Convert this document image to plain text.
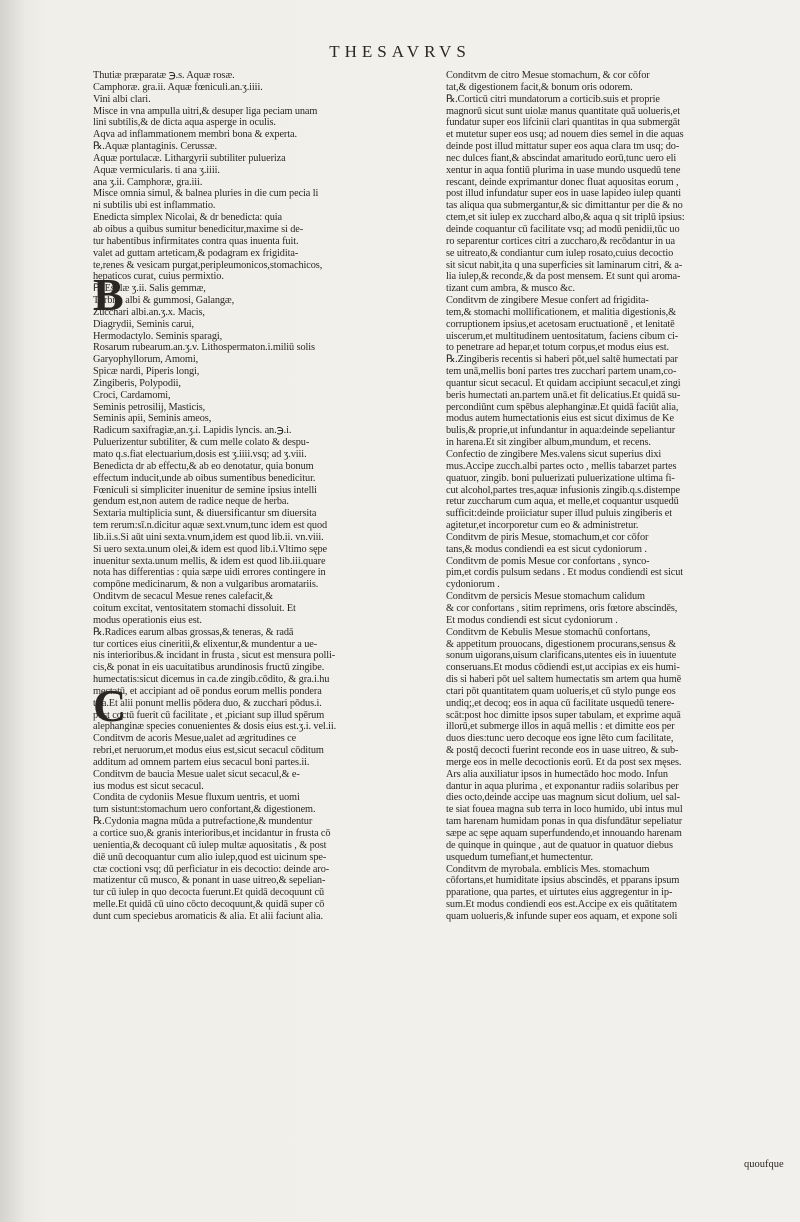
THESAVRVS
Thutiæ præparatæ ℈.s. Aquæ rosæ.
Camphoræ. gra.ii. Aquæ fœniculi.an.ʒ.iiii.
Vini albi clari.
Misce in vna ampulla uitri,& desuper liga peciam unam
lini subtilis,& de dicta aqua asperge in oculis.
Aqva ad inflammationem membri bona & experta.
℞.Aquæ plantaginis. Cerussæ.
Aquæ portulacæ. Lithargyrii subtiliter puluerizа
Aquæ vermicularis. ti ana ʒ.iiii.
ana ʒ.ii. Camphoræ, gra.iii.
Misce omnia simul, & balnea pluries in die cum pecia li
ni subtilis ubi est inflammatio.
Enedicta simplex Nicolai, & dr benedicta: quia
ab oibus a quibus sumitur benedicitur,maxime si de-
tur habentibus infirmitates contra quas inuenta fuit.
valet ad guttam arteticam,& podagram ex frigidita-
te,renes & vesicam purgat,peripleumonicos,stomachicos,
hepaticos curat, cuius permixtio.
℞.Esulæ ʒ.ii. Salis gemmæ,
Turbith albi & gummosi, Galangæ,
Zucchari albi.an.ʒ.x. Macis,
Diagrydii, Seminis carui,
Hermodactylo. Seminis sparagi,
Rosarum rubearum.an.ʒ.v. Lithospermaton.i.miliū solis
Garyophyllorum, Amomi,
Spicæ nardi, Piperis longi,
Zingiberis, Polypodii,
Croci, Cardamomi,
Seminis petrosilij, Masticis,
Seminis apii, Seminis ameos,
Radicum saxifragiæ,an.ʒ.i. Lapidis lyncis. an.℈.i.
Puluerizentur subtiliter, & cum melle colato & despu-
mato q.s.fiat electuarium,dosis est ʒ.iiii.vsq; ad ʒ.viii.
Benedicta dr ab effectu,& ab eo denotatur, quia bonum
effectum inducit,unde ab oibus sumentibus benedicitur.
Fœniculi si simpliciter inuenitur de semine ipsius intelli
gendum est,non autem de radice neque de herba.
Sextaria multiplicia sunt, & diuersificantur sm diuersita
tem rerum:sī.n.dicitur aquæ sext.vnum,tunc idem est quod
lib.ii.s.Si aūt uini sexta.vnum,idem est quod lib.ii. vn.viii.
Si uero sexta.unum olei,& idem est quod lib.i.Vltimo sępe
inuenitur sexta.unum mellis, & idem est quod lib.iii.quare
nota has differentias : quia sæpe uidi errores contingere in
compōne medicinarum, & non a vulgaribus aromatariis.
Onditvm de secacul Mesue renes calefacit,&
coitum excitat, ventositatem stomachi dissoluit. Et
modus operationis eius est.
℞.Radices earum albas grossas,& teneras, & radā
tur cortices eius cineritii,& elixentur,& mundentur a ue-
nis interioribus.& incidant in frusta , sicut est mensura polli-
cis,& ponat in eis uacuitatibus arundinosis fructū zingibe.
humectatis:sicut dicemus in ca.de zingib.cōdito, & gra.i.hu
mectatū, et accipiant ad oē pondus eorum mellis pondera
tria.Et alii ponunt mellis pōdera duo, & zucchari pōdus.i.
post coctū fuerit cū facilitate , et ,piciant sup illud spērum
alephanginæ species conuenientes & dosis eius est.ʒ.i. vel.ii.
Conditvm de acoris Mesue,ualet ad ægritudines ce
rebri,et neruorum,et modus eius est,sicut secacul cōditum
additum ad omnem partem eius secacul boni partes.ii.
Conditvm de baucia Mesue ualet sicut secacul,& e-
ius modus est sicut secacul.
Condita de cydoniis Mesue fluxum uentris, et uomi
tum sistunt:stomachum uero confortant,& digestionem.
℞.Cydonia magna mūda a putrefactione,& mundentur
a cortice suo,& granis interioribus,et incidantur in frusta cō
uenientia,& decoquant cū iulep multæ aquositatis , & post
diē unū decoquantur cum alio iulep,quod est uicinum spe-
ctæ coctioni vsq; dū perficiatur in eis decoctio: deinde aro-
matizentur cū musco, & ponant in uase uitreo,& sepelian-
tur cū iulep in quo decocta fuerunt.Et quidā decoquunt cū
melle.Et quidā cū uino cōcto decoquunt,& quidā super cō
dunt cum speciebus aromaticis & alia. Et alii faciunt alia.
Conditvm de citro Mesue stomachum, & cor cōfor
tat,& digestionem facit,& bonum oris odorem.
℞.Corticū citri mundatorum a corticib.suis et proprie
magnorū sicut sunt uiolæ manus quantitate quā uolueris,et
fundatur super eos lifcinii clari quantitas in qua submergāt
et mutetur super eos usq; ad nouem dies semel in die aquas
deinde post illud mittatur super eos aqua clara tm usq; do-
nec dulces fiant,& abscindat amaritudo eorū,tunc uero eli
xentur in aqua fontiū plurima in uase mundo usquedū tene
rescant, deinde exprimantur donec fluat aquositas eorum ,
post illud infundatur super eos in uase lapideo iulep quanti
tas aliqua qua submergantur,& sic dimittantur per die & no
ctem,et sit iulep ex zucchard albo,& aqua q sit triplū ipsius:
deinde coquantur cū facilitate vsq; ad modū penidii,tūc uo
ro separentur cortices citri a zuccharo,& recōdantur in ua
se uitreato,& condiantur cum iulep rosato,cuius decoctio
sit sicut nabit,ita q una superficies sit laminarum citri, & a-
lia iulep,& recondε,& da post mensem. Et sunt qui aroma-
tizant cum ambra, & musco &c.
Conditvm de zingibere Mesue confert ad frigidita-
tem,& stomachi mollificationem, et malitia digestionis,&
corruptionem ipsius,et acetosam eructuationē , et lenitatē
uiscerum,et multitudinem uentositatum, faciens cibum ci-
to penetrare ad hepar,et totum corpus,et modus eius est.
℞.Zingiberis recentis si haberi pōt,uel saltē humectati par
tem unā,mellis boni partes tres zucchari partem unam,co-
quantur sicut secacul. Et quidam accipiunt secacul,et zingi
beris humectati an.partem unā.et fit delicatius.Et quidā su-
percondiūnt cum spēbus alephanginæ.Et quidā faciūt alia,
modus autem humectationis eius est sicut diximus de Ke
bulis,& proprie,ut infundantur in aqua:deinde sepeliantur
in harena.Et sit zingiber album,mundum, et recens.
Confectio de zingibere Mes.valens sicut superius dixi
mus.Accipe zucch.albi partes octo , mellis tabarzet partes
quatuor, zingib. boni puluerizati puluerizatione ultima fi-
cut alcohol,partes tres,aquæ infusionis zingib.q.s.distempe
retur zuccharum cum aqua, et melle,et coquantur usquedū
sufficit:deinde proiiciatur super illud puluis zingiberis et
agitetur,et incorporetur cum eo & administretur.
Conditvm de piris Mesue, stomachum,et cor cōfor
tans,& modus condiendi ea est sicut cydoniorum .
Conditvm de pomis Mesue cor confortans , synco-
pim,et cordis pulsum sedans . Et modus condiendi est sicut
cydoniorum .
Conditvm de persicis Mesue stomachum calidum
& cor confortans , sitim reprimens, oris fœtore abscindēs,
Et modus condiendi est sicut cydoniorum .
Conditvm de Kebulis Mesue stomachū confortans,
& appetitum prouocans, digestionem procurans,sensus &
sonum uigorans,uisum clarificans,utentes eis in iuuentute
conseruans.Et modus cōdiendi est,ut accipias ex eis humi-
dis si haberi pōt uel saltem humectatis sm artem qua humē
ctari pōt quantitatem quam uolueris,et cū stylo punge eos
undiq;,et decoq; eos in aqua cū facilitate usquedū tenere-
scāt:post hoc dimitte ipsos super tabulam, et exprime aquā
illorū,et submerge illos in aquā mellis : et dimitte eos per
duos dies:tunc uero decoque eos igne lēto cum facilitate,
& postq̄ decocti fuerint reconde eos in uase uitreo, & sub-
merge eos in melle decoctionis eorū. Et da post sex męses.
Ars alia auxiliatur ipsos in humectādo hoc modo. Infun
dantur in aqua plurima , et exponantur radiis solaribus per
dies octo,deinde accipe uas magnum sicut dolium, uel sal-
te siat fouea magna sub terra in loco humido, ubi intus mul
tam harenam humidam ponas in qua disfundātur sepeliatur
sæpe ac sępe aquam superfundendo,et innouando harenam
de quinque in quinque , aut de quatuor in quatuor diebus
usquedum tumefiant,et humectentur.
Conditvm de myrobala. emblicis Mes. stomachum
cōfortans,et humiditate ipsius abscindēs, et pparans ipsum
pparatione, qua partes, et uirtutes eius aggregentur in ip-
sum.Et modus condiendi eos est.Accipe ex eis quātitatem
quam uolueris,& infunde super eos aquam, et expone soli
B
C
quoufque
